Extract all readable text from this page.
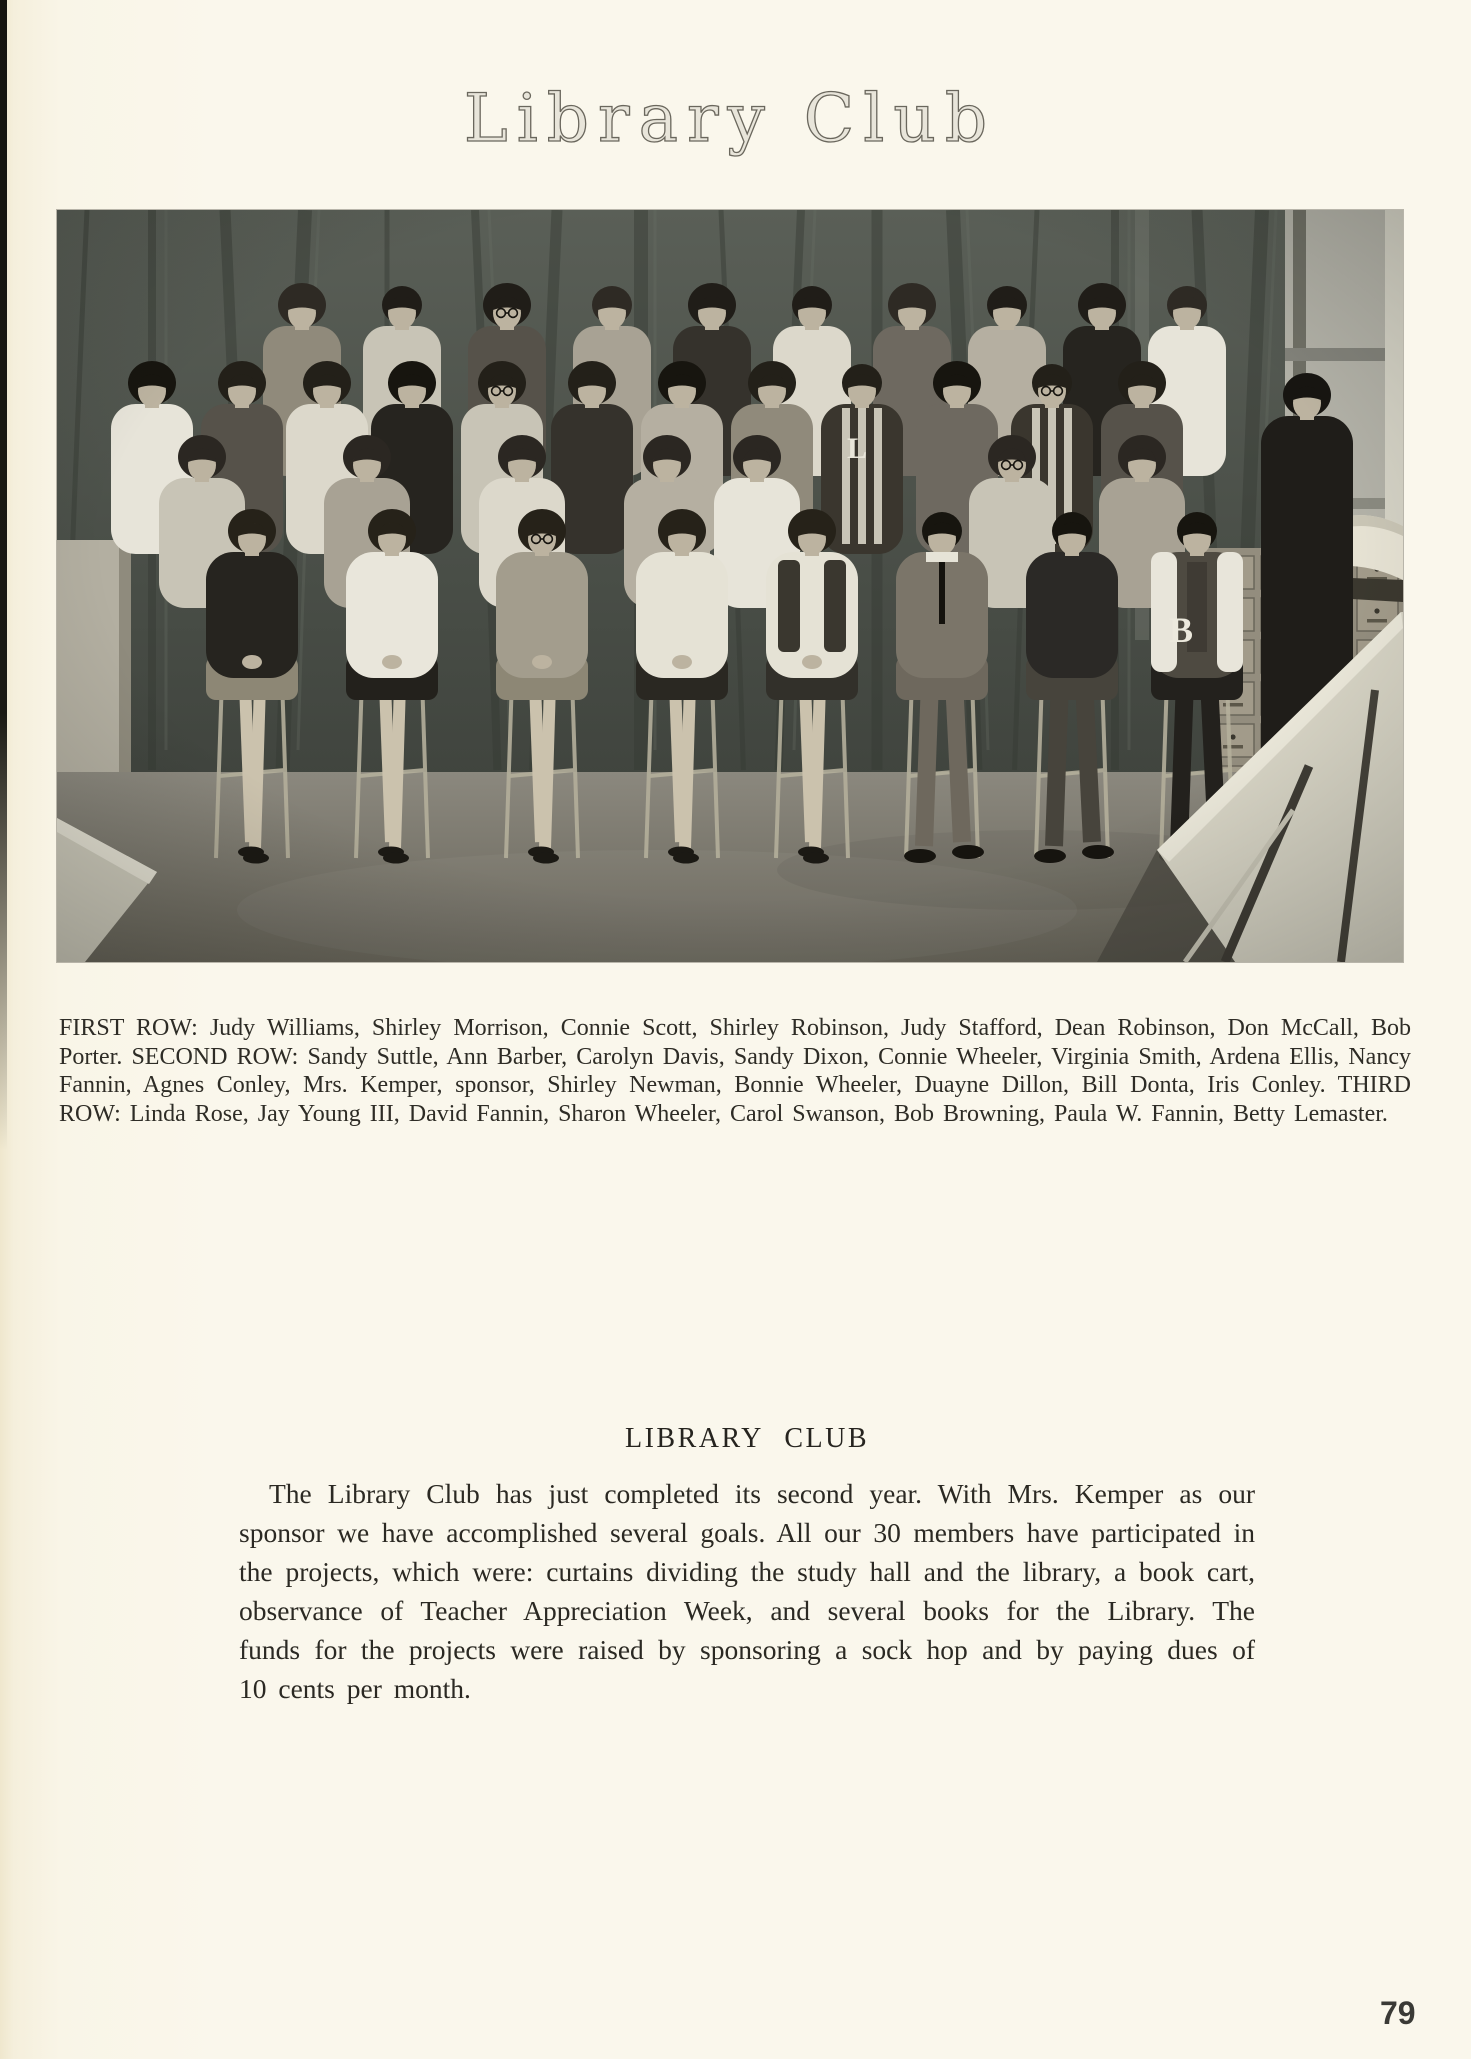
Library Club

FIRST ROW: Judy Williams, Shirley Morrison, Connie Scott, Shirley Robinson, Judy Stafford, Dean Robinson, Don McCall, Bob Porter. SECOND ROW: Sandy Suttle, Ann Barber, Carolyn Davis, Sandy Dixon, Connie Wheeler, Virginia Smith, Ardena Ellis, Nancy Fannin, Agnes Conley, Mrs. Kemper, sponsor, Shirley Newman, Bonnie Wheeler, Duayne Dillon, Bill Donta, Iris Conley. THIRD ROW: Linda Rose, Jay Young III, David Fannin, Sharon Wheeler, Carol Swanson, Bob Browning, Paula W. Fannin, Betty Lemaster.

LIBRARY CLUB

The Library Club has just completed its second year. With Mrs. Kemper as our sponsor we have accomplished several goals. All our 30 members have participated in the projects, which were: curtains dividing the study hall and the library, a book cart, observance of Teacher Appreciation Week, and several books for the Library. The funds for the projects were raised by sponsoring a sock hop and by paying dues of 10 cents per month.

79
